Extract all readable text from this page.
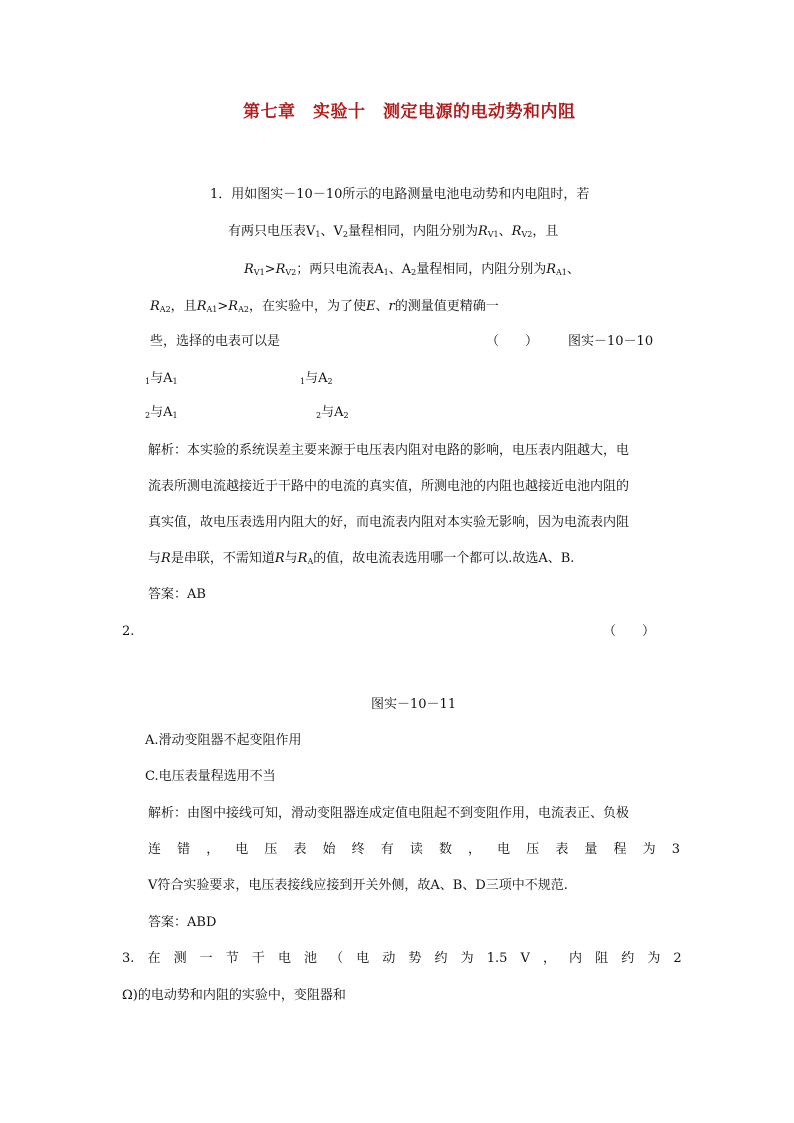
第七章　实验十　测定电源的电动势和内阻
1．用如图实－10－10所示的电路测量电池电动势和内电阻时，若
有两只电压表$V_1$、$V_2$量程相同，内阻分别为$R_{V1}$、$R_{V2}$，且
$R_{V1}>R_{V2}$；两只电流表$A_1$、$A_2$量程相同，内阻分别为$R_{A1}$、
$R_{A2}$，且$R_{A1}>R_{A2}$，在实验中，为了使E、r的测量值更精确一
些，选择的电表可以是	（　　） 图实－10－10
$_1$与$A_1$	$_1$与$A_2$
$_2$与$A_1$	$_2$与$A_2$
解析：本实验的系统误差主要来源于电压表内阻对电路的影响，电压表内阻越大，电
流表所测电流越接近于干路中的电流的真实值，所测电池的内阻也越接近电池内阻的
真实值，故电压表选用内阻大的好，而电流表内阻对本实验无影响，因为电流表内阻
与R是串联，不需知道R与$R_A$的值，故电流表选用哪一个都可以.故选A、B.
答案：AB
2.	（　　）
图实－10－11
A.滑动变阻器不起变阻作用
C.电压表量程选用不当
解析：由图中接线可知，滑动变阻器连成定值电阻起不到变阻作用，电流表正、负极
连 错 ， 电 压 表 始 终 有 读 数 ， 电 压 表 量 程 为 3
V符合实验要求，电压表接线应接到开关外侧，故A、B、D三项中不规范.
答案：ABD
3. 在 测 一 节 干 电 池 （ 电 动 势 约 为 1.5 V ， 内 阻 约 为 2
Ω)的电动势和内阻的实验中，变阻器和
